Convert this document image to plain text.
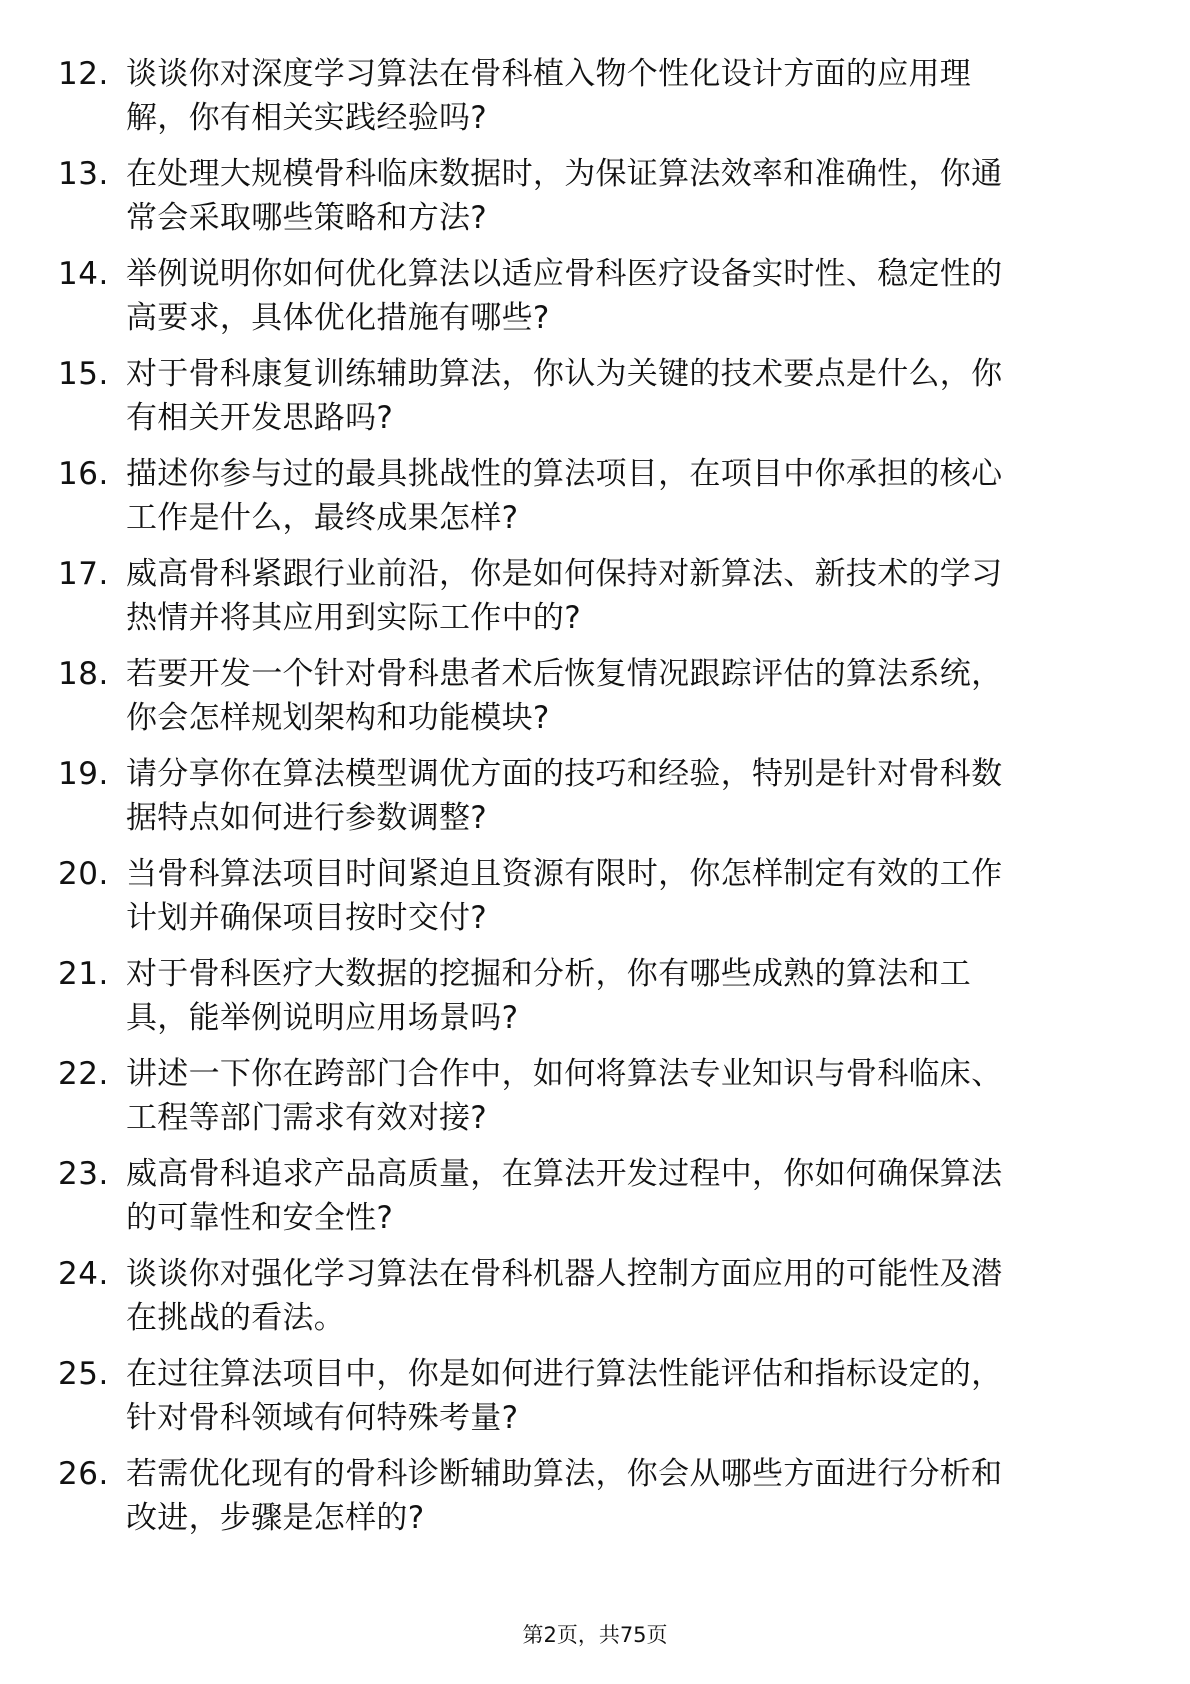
12. 谈谈你对深度学习算法在骨科植入物个性化设计方面的应用理
解，你有相关实践经验吗?
13. 在处理大规模骨科临床数据时，为保证算法效率和准确性，你通
常会采取哪些策略和方法?
14. 举例说明你如何优化算法以适应骨科医疗设备实时性、稳定性的
高要求，具体优化措施有哪些?
15. 对于骨科康复训练辅助算法，你认为关键的技术要点是什么，你
有相关开发思路吗?
16. 描述你参与过的最具挑战性的算法项目，在项目中你承担的核心
工作是什么，最终成果怎样?
17. 威高骨科紧跟行业前沿，你是如何保持对新算法、新技术的学习
热情并将其应用到实际工作中的?
18. 若要开发一个针对骨科患者术后恢复情况跟踪评估的算法系统，
你会怎样规划架构和功能模块?
19. 请分享你在算法模型调优方面的技巧和经验，特别是针对骨科数
据特点如何进行参数调整?
20. 当骨科算法项目时间紧迫且资源有限时，你怎样制定有效的工作
计划并确保项目按时交付?
21. 对于骨科医疗大数据的挖掘和分析，你有哪些成熟的算法和工
具，能举例说明应用场景吗?
22. 讲述一下你在跨部门合作中，如何将算法专业知识与骨科临床、
工程等部门需求有效对接?
23. 威高骨科追求产品高质量，在算法开发过程中，你如何确保算法
的可靠性和安全性?
24. 谈谈你对强化学习算法在骨科机器人控制方面应用的可能性及潜
在挑战的看法。
25. 在过往算法项目中，你是如何进行算法性能评估和指标设定的，
针对骨科领域有何特殊考量?
26. 若需优化现有的骨科诊断辅助算法，你会从哪些方面进行分析和
改进，步骤是怎样的?
第2页，共75页
